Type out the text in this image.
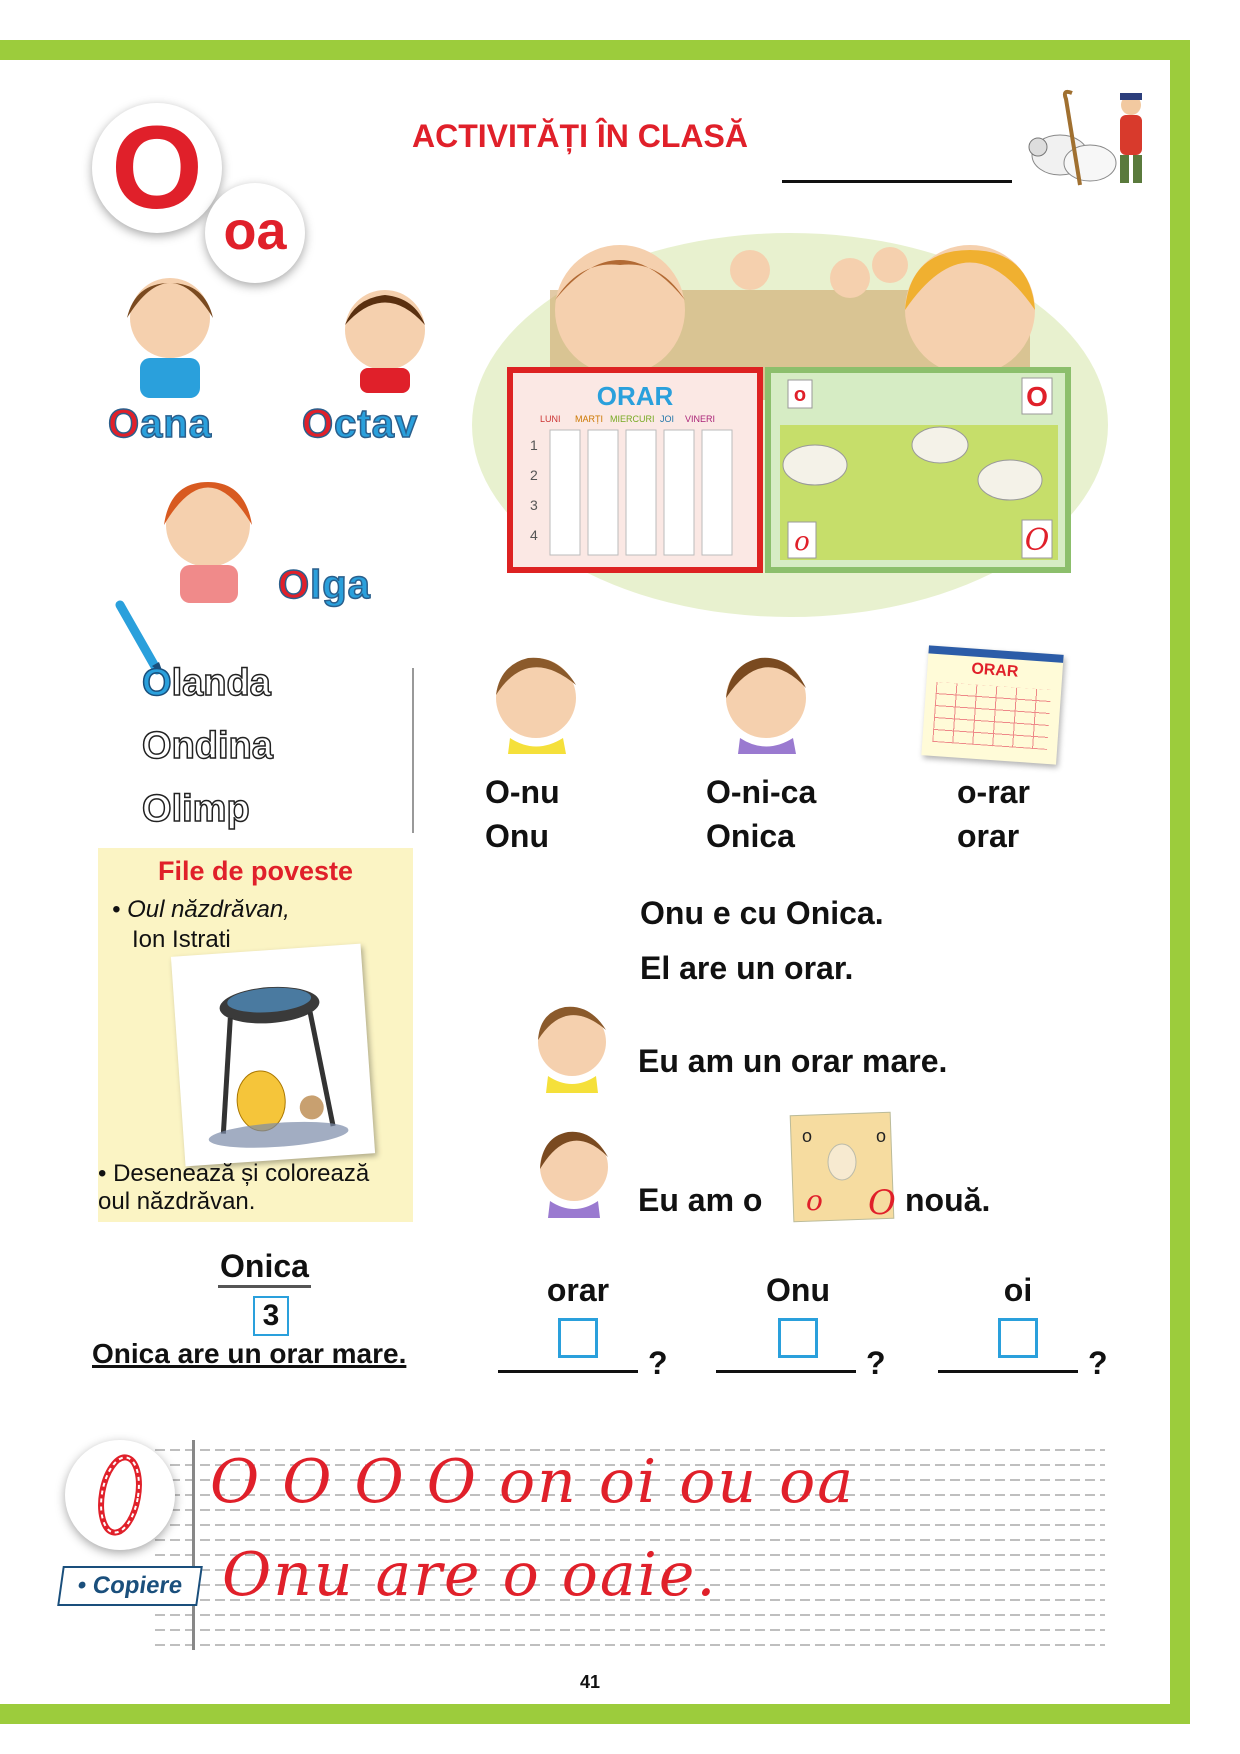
O oa
ACTIVITĂȚI ÎN CLASĂ
ORAR
LUNI MARȚI MIERCURI JOI VINERI
1
2
3
4
o	O
o	O
Oana Octav
Olga
Olanda
Ondina
Olimp
ORAR
O-nu
Onu
O-ni-ca
Onica
o-rar
orar
Onu e cu Onica.
El are un orar.
Eu am un orar mare.
Eu am o
o	o
o O nouă.
File de poveste
• Oul năzdrăvan,
Ion Istrati
• Desenează și colorează
oul năzdrăvan.
Onica
3
Onica are un orar mare.
orar
?
Onu
?
oi
?
• Copiere
O O O O on oi ou oa
Onu are o oaie.
41
